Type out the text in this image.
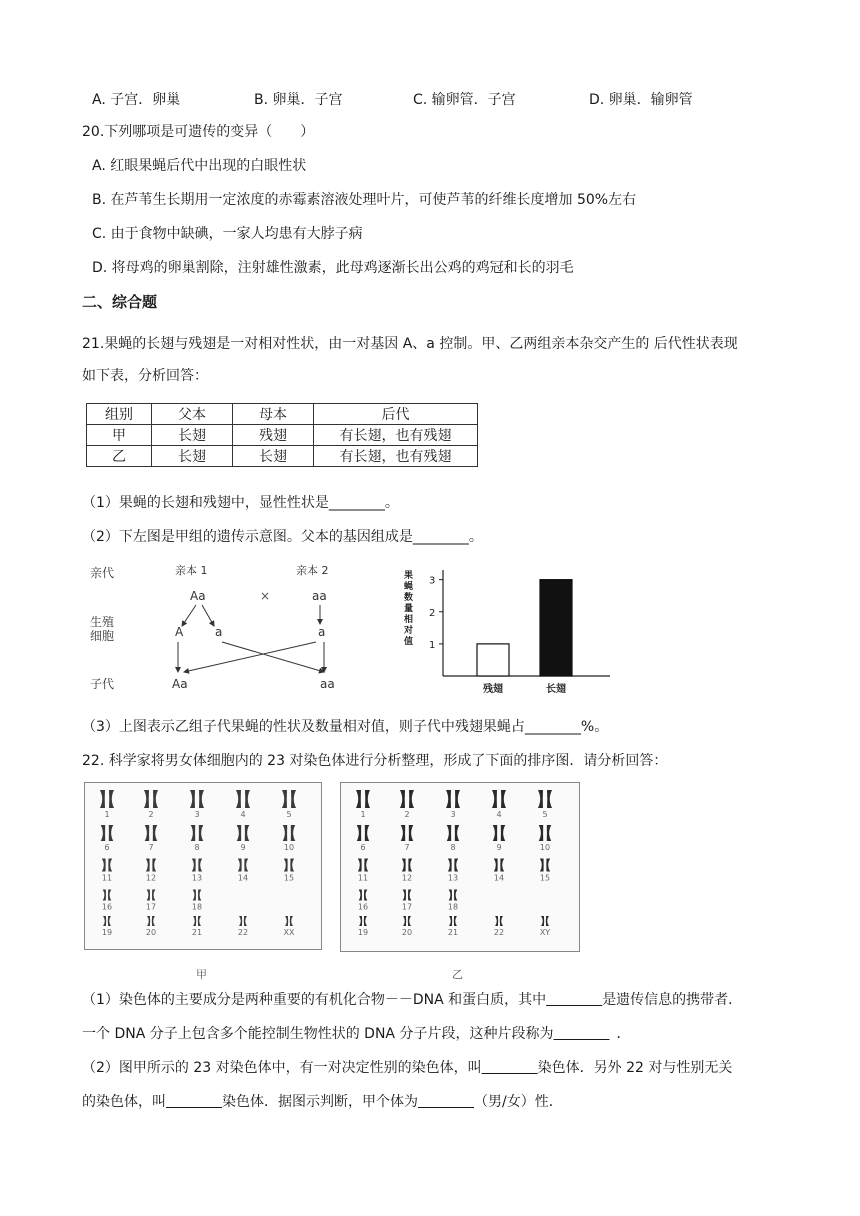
A. 子宫．卵巢	B. 卵巢．子宫	C. 输卵管．子宫	D. 卵巢．输卵管
20.下列哪项是可遗传的变异（　　）
A. 红眼果蝇后代中出现的白眼性状
B. 在芦苇生长期用一定浓度的赤霉素溶液处理叶片，可使芦苇的纤维长度增加 50%左右
C. 由于食物中缺碘，一家人均患有大脖子病
D. 将母鸡的卵巢割除，注射雄性激素，此母鸡逐渐长出公鸡的鸡冠和长的羽毛
二、综合题
21.果蝇的长翅与残翅是一对相对性状，由一对基因 A、a 控制。甲、乙两组亲本杂交产生的 后代性状表现
如下表，分析回答：
组别	父本	母本	后代
甲	长翅	残翅	有长翅，也有残翅
乙	长翅	长翅	有长翅，也有残翅
（1）果蝇的长翅和残翅中，显性性状是________。
（2）下左图是甲组的遗传示意图。父本的基因组成是________。
亲代
生殖
细胞
子代
亲本 1	亲本 2
×
Aa	aa
A	a	a
Aa	aa
果
蝇
数
量
相
对
值 1
2
3
残翅	长翅
（3）上图表示乙组子代果蝇的性状及数量相对值，则子代中残翅果蝇占________%。
22. 科学家将男女体细胞内的 23 对染色体进行分析整理，形成了下面的排序图．请分析回答：
1	2	3	4	5
6	7	8	9	10
11	12	13	14	15
16	17	18
19	20	21	22	XX
甲
1	2	3	4	5
6	7	8	9	10
11	12	13	14	15
16	17	18
19	20	21	22	XY
乙
（1）染色体的主要成分是两种重要的有机化合物－－DNA 和蛋白质，其中    	是遗传信息的携带者．
一个 DNA 分子上包含多个能控制生物性状的 DNA 分子片段，这种片段称为     	．
（2）图甲所示的 23 对染色体中，有一对决定性别的染色体，叫    	染色体．另外 22 对与性别无关
的染色体，叫    	染色体．据图示判断，甲个体为    	（男/女）性．
